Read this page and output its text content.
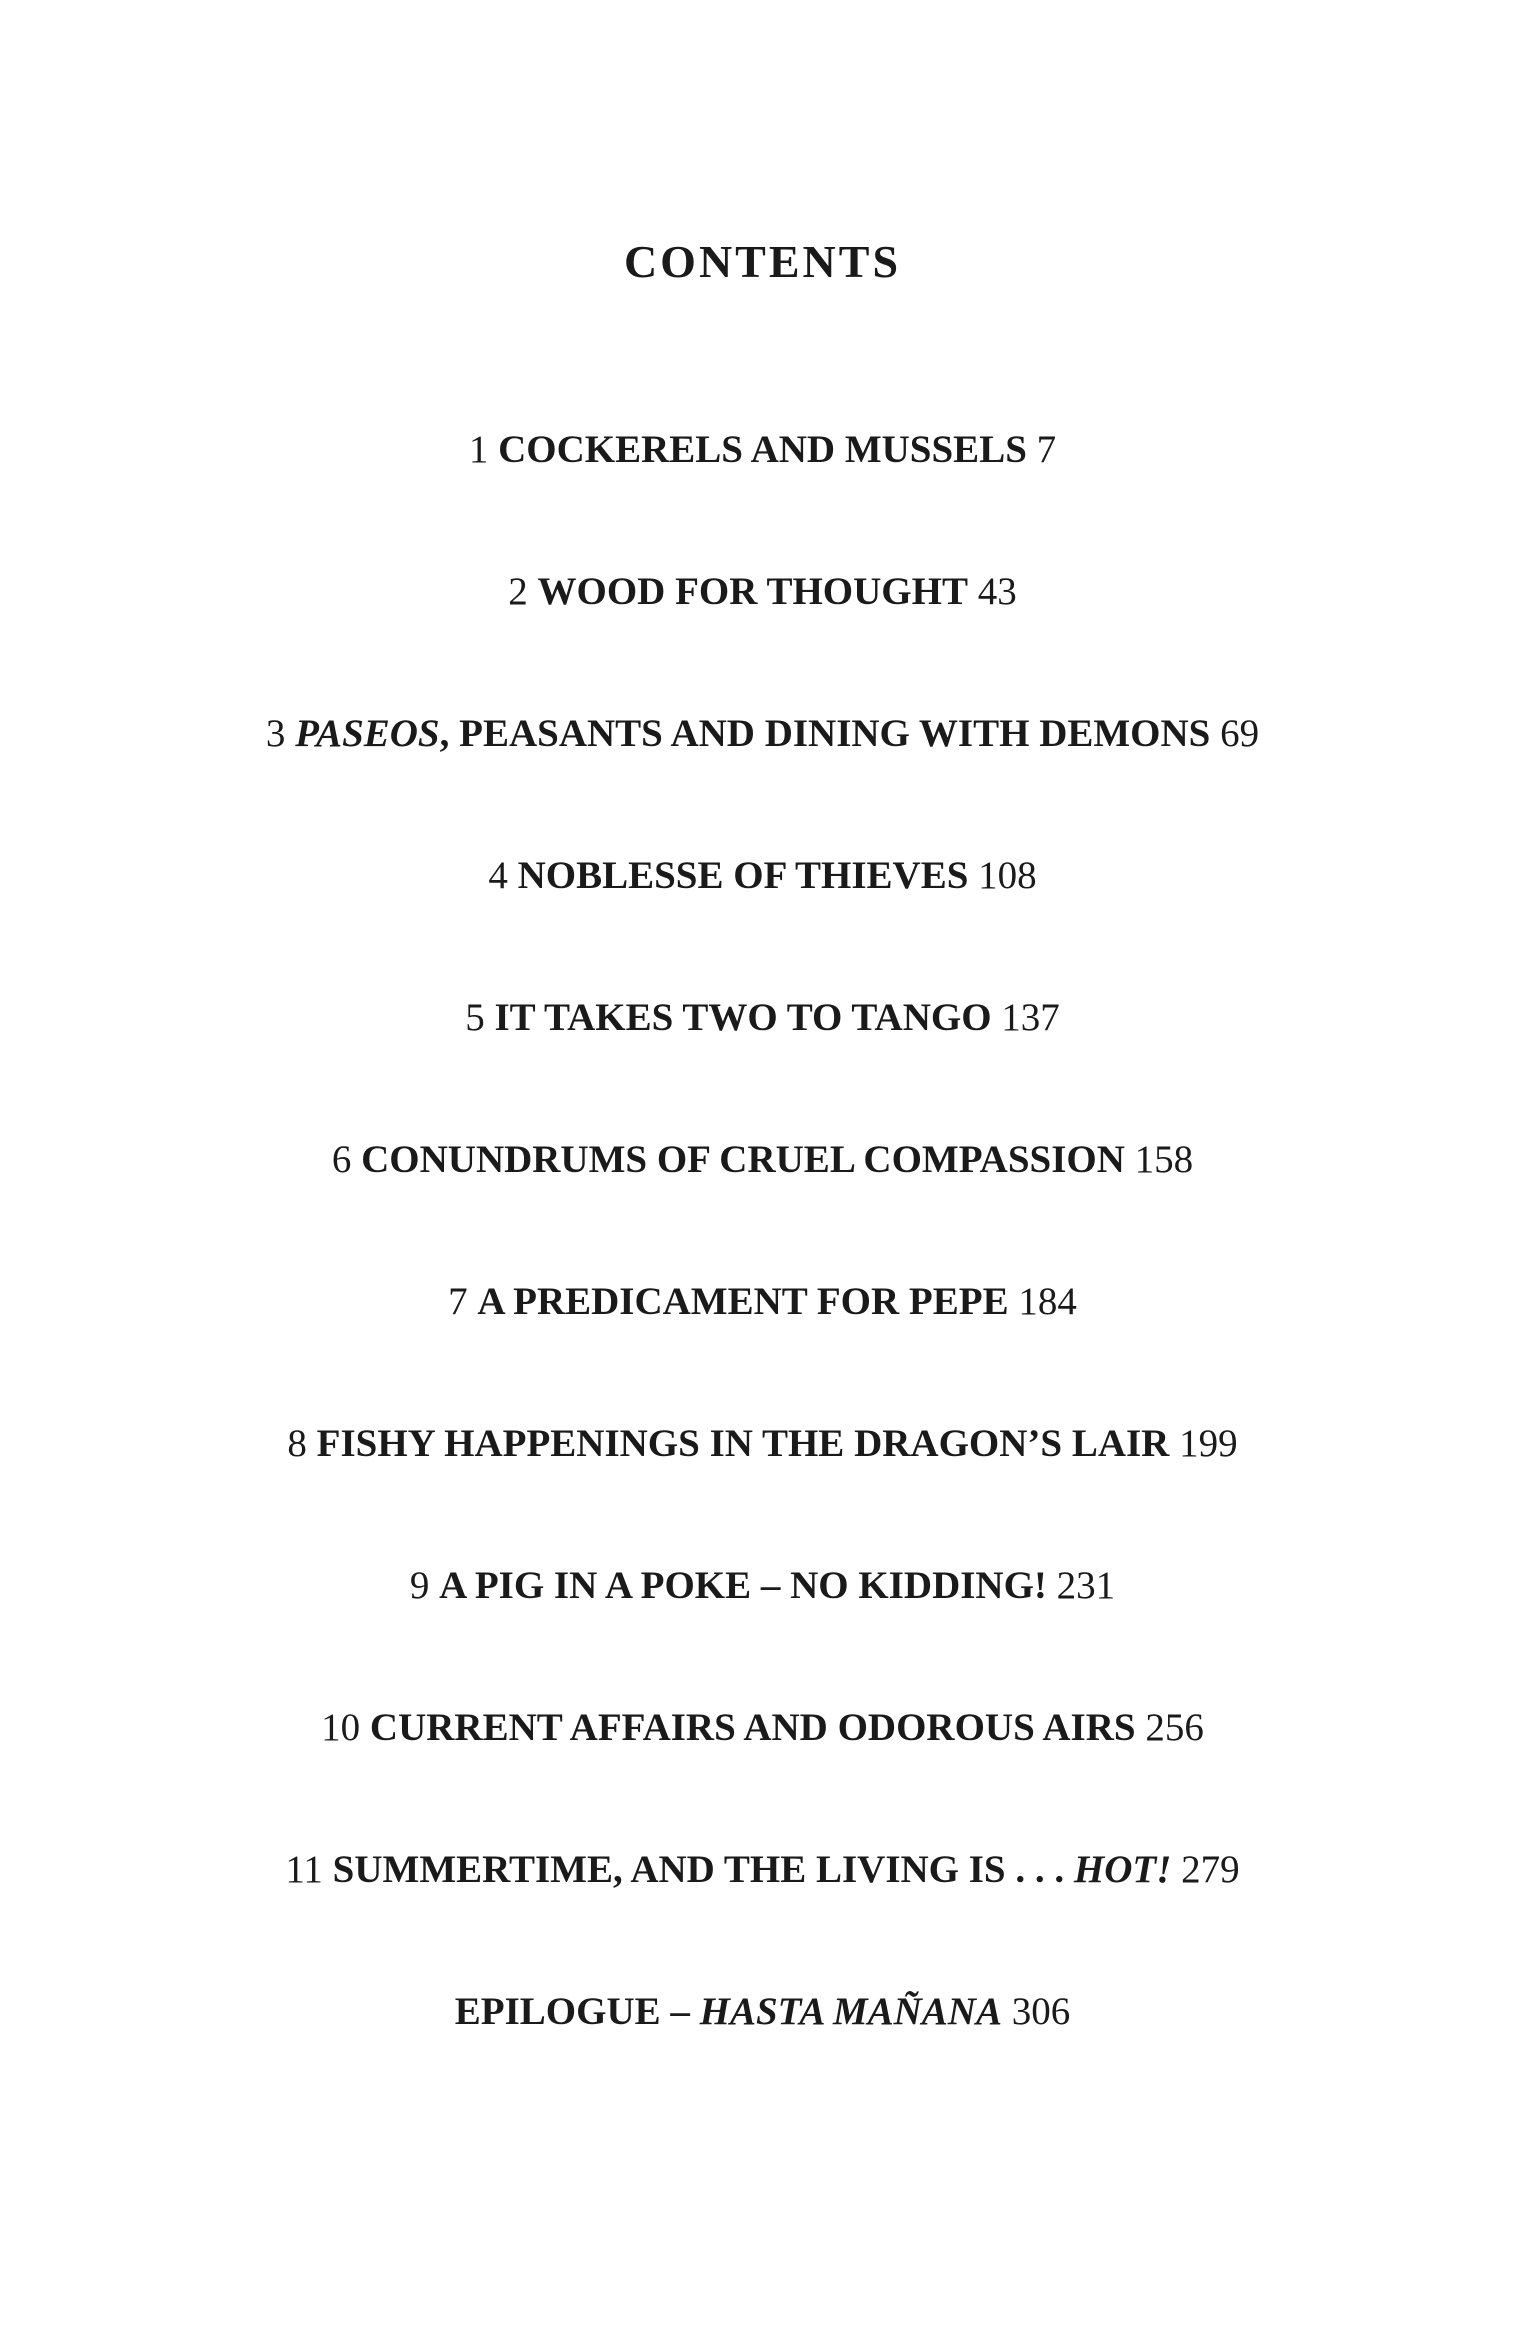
CONTENTS
1 COCKERELS AND MUSSELS 7
2 WOOD FOR THOUGHT 43
3 PASEOS, PEASANTS AND DINING WITH DEMONS 69
4 NOBLESSE OF THIEVES 108
5 IT TAKES TWO TO TANGO 137
6 CONUNDRUMS OF CRUEL COMPASSION 158
7 A PREDICAMENT FOR PEPE 184
8 FISHY HAPPENINGS IN THE DRAGON’S LAIR 199
9 A PIG IN A POKE – NO KIDDING! 231
10 CURRENT AFFAIRS AND ODOROUS AIRS 256
11 SUMMERTIME, AND THE LIVING IS . . . HOT! 279
EPILOGUE – HASTA MAÑANA 306
